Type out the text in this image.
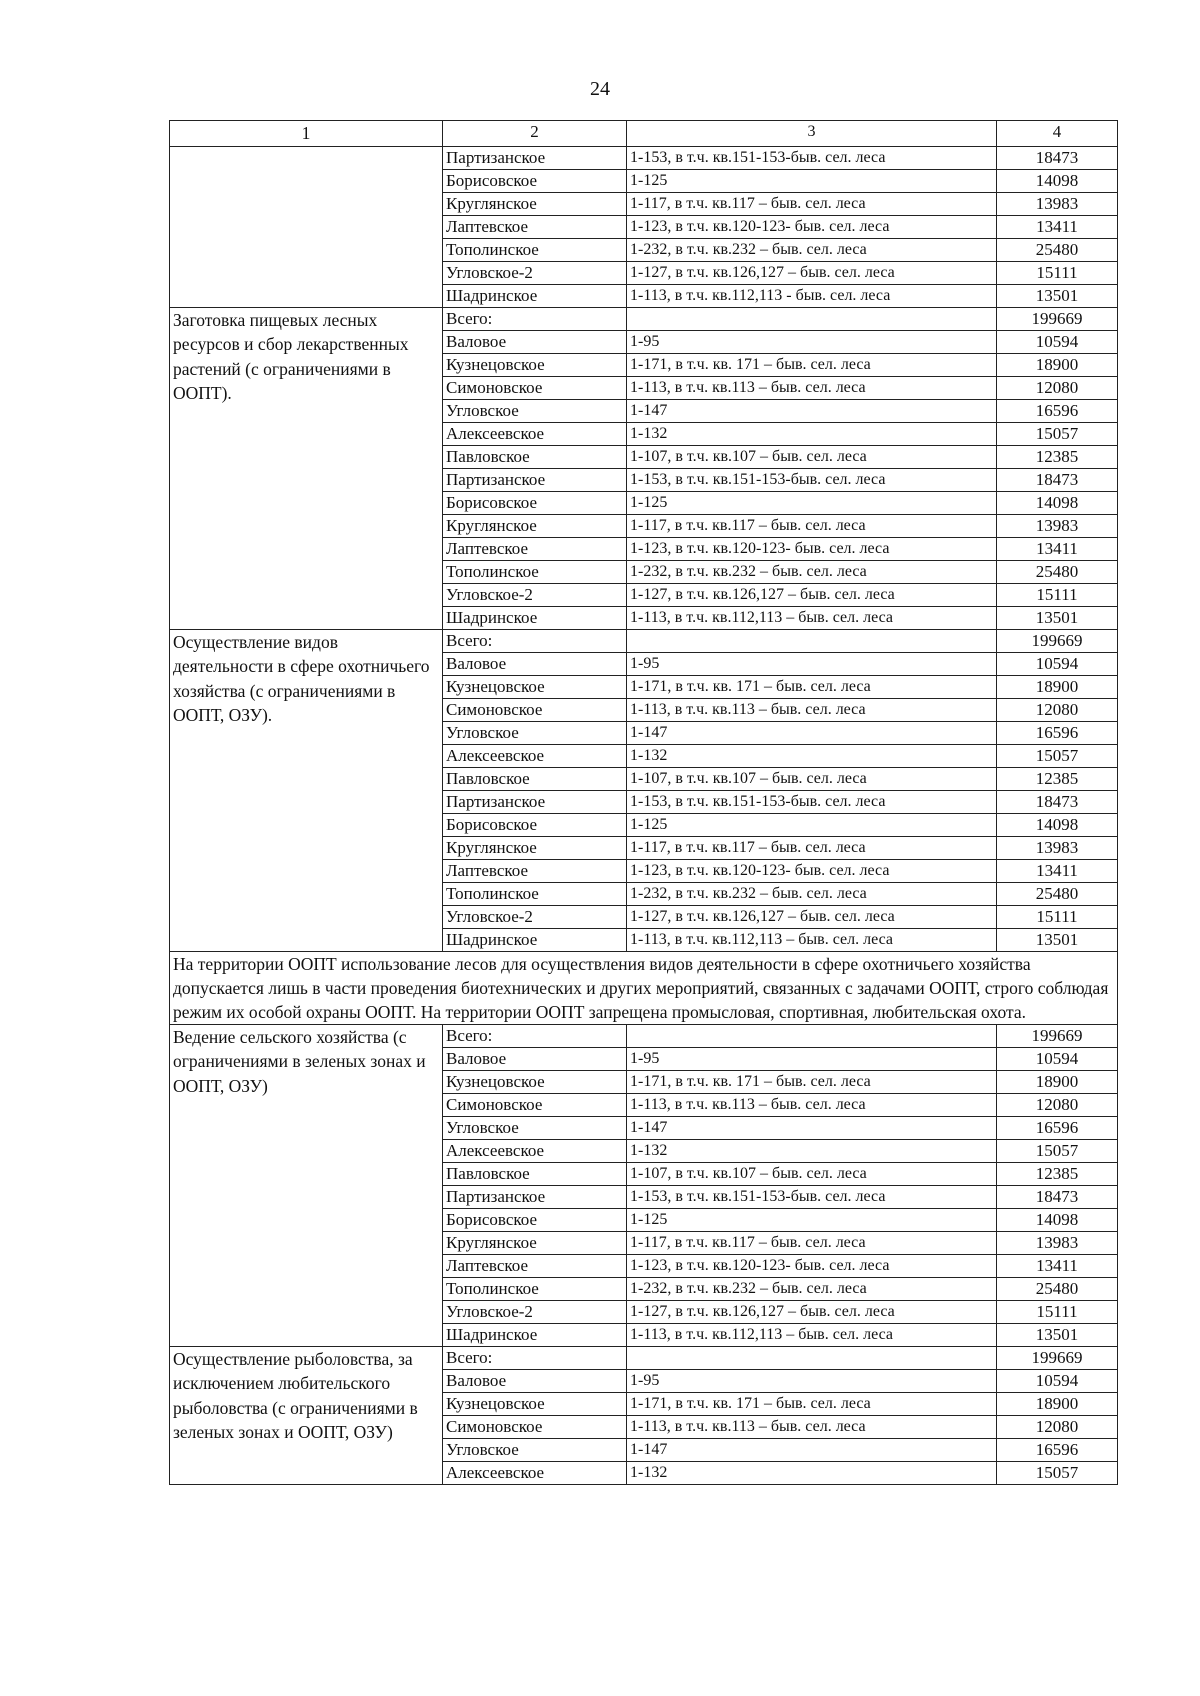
24
1	2	3	4
	Партизанское	1-153, в т.ч. кв.151-153-быв. сел. леса	18473
	Борисовское	1-125	14098
	Круглянское	1-117, в т.ч. кв.117 – быв. сел. леса	13983
	Лаптевское	1-123, в т.ч. кв.120-123- быв. сел. леса	13411
	Тополинское	1-232, в т.ч. кв.232 – быв. сел. леса	25480
	Угловское-2	1-127, в т.ч. кв.126,127 – быв. сел. леса	15111
	Шадринское	1-113, в т.ч. кв.112,113 - быв. сел. леса	13501
Заготовка пищевых лесных ресурсов и сбор лекарственных растений (с ограничениями в ООПТ).	Всего:		199669
	Валовое	1-95	10594
	Кузнецовское	1-171, в т.ч. кв. 171 – быв. сел. леса	18900
	Симоновское	1-113, в т.ч. кв.113 – быв. сел. леса	12080
	Угловское	1-147	16596
	Алексеевское	1-132	15057
	Павловское	1-107, в т.ч. кв.107 – быв. сел. леса	12385
	Партизанское	1-153, в т.ч. кв.151-153-быв. сел. леса	18473
	Борисовское	1-125	14098
	Круглянское	1-117, в т.ч. кв.117 – быв. сел. леса	13983
	Лаптевское	1-123, в т.ч. кв.120-123- быв. сел. леса	13411
	Тополинское	1-232, в т.ч. кв.232 – быв. сел. леса	25480
	Угловское-2	1-127, в т.ч. кв.126,127 – быв. сел. леса	15111
	Шадринское	1-113, в т.ч. кв.112,113 – быв. сел. леса	13501
Осуществление видов деятельности в сфере охотничьего хозяйства (с ограничениями в ООПТ, ОЗУ).	Всего:		199669
	Валовое	1-95	10594
	Кузнецовское	1-171, в т.ч. кв. 171 – быв. сел. леса	18900
	Симоновское	1-113, в т.ч. кв.113 – быв. сел. леса	12080
	Угловское	1-147	16596
	Алексеевское	1-132	15057
	Павловское	1-107, в т.ч. кв.107 – быв. сел. леса	12385
	Партизанское	1-153, в т.ч. кв.151-153-быв. сел. леса	18473
	Борисовское	1-125	14098
	Круглянское	1-117, в т.ч. кв.117 – быв. сел. леса	13983
	Лаптевское	1-123, в т.ч. кв.120-123- быв. сел. леса	13411
	Тополинское	1-232, в т.ч. кв.232 – быв. сел. леса	25480
	Угловское-2	1-127, в т.ч. кв.126,127 – быв. сел. леса	15111
	Шадринское	1-113, в т.ч. кв.112,113 – быв. сел. леса	13501
На территории ООПТ использование лесов для осуществления видов деятельности в сфере охотничьего хозяйства допускается лишь в части проведения биотехнических и других мероприятий, связанных с задачами ООПТ, строго соблюдая режим их особой охраны ООПТ. На территории ООПТ запрещена промысловая, спортивная, любительская охота.			
Ведение сельского хозяйства (с ограничениями в зеленых зонах и ООПТ, ОЗУ)	Всего:		199669
	Валовое	1-95	10594
	Кузнецовское	1-171, в т.ч. кв. 171 – быв. сел. леса	18900
	Симоновское	1-113, в т.ч. кв.113 – быв. сел. леса	12080
	Угловское	1-147	16596
	Алексеевское	1-132	15057
	Павловское	1-107, в т.ч. кв.107 – быв. сел. леса	12385
	Партизанское	1-153, в т.ч. кв.151-153-быв. сел. леса	18473
	Борисовское	1-125	14098
	Круглянское	1-117, в т.ч. кв.117 – быв. сел. леса	13983
	Лаптевское	1-123, в т.ч. кв.120-123- быв. сел. леса	13411
	Тополинское	1-232, в т.ч. кв.232 – быв. сел. леса	25480
	Угловское-2	1-127, в т.ч. кв.126,127 – быв. сел. леса	15111
	Шадринское	1-113, в т.ч. кв.112,113 – быв. сел. леса	13501
Осуществление рыболовства, за исключением любительского рыболовства (с ограничениями в зеленых зонах и ООПТ, ОЗУ)	Всего:		199669
	Валовое	1-95	10594
	Кузнецовское	1-171, в т.ч. кв. 171 – быв. сел. леса	18900
	Симоновское	1-113, в т.ч. кв.113 – быв. сел. леса	12080
	Угловское	1-147	16596
	Алексеевское	1-132	15057
